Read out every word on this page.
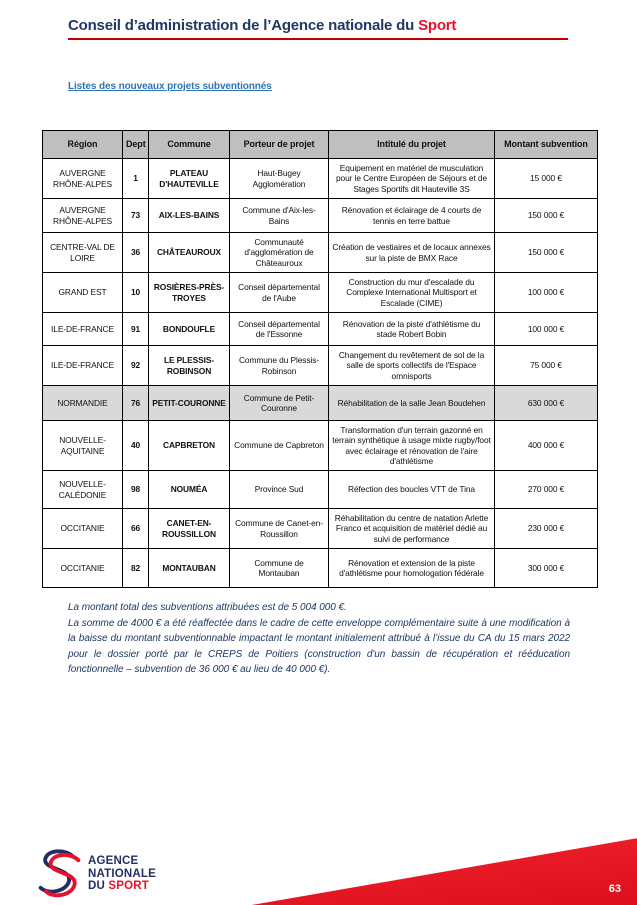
Conseil d’administration de l’Agence nationale du Sport
Listes des nouveaux projets subventionnés
Région	Dept	Commune	Porteur de projet	Intitulé du projet	Montant subvention
AUVERGNE RHÔNE-ALPES	1	PLATEAU D'HAUTEVILLE	Haut-Bugey Agglomération	Equipement en matériel de musculation pour le Centre Européen de Séjours et de Stages Sportifs dit Hauteville 3S	15 000 €
AUVERGNE RHÔNE-ALPES	73	AIX-LES-BAINS	Commune d'Aix-les-Bains	Rénovation et éclairage de 4 courts de tennis en terre battue	150 000 €
CENTRE-VAL DE LOIRE	36	CHÂTEAUROUX	Communauté d'agglomération de Châteauroux	Création de vestiaires et de locaux annexes sur la piste de BMX Race	150 000 €
GRAND EST	10	ROSIÈRES-PRÈS-TROYES	Conseil départemental de l'Aube	Construction du mur d'escalade du Complexe International Multisport et Escalade (CIME)	100 000 €
ILE-DE-FRANCE	91	BONDOUFLE	Conseil départemental de l'Essonne	Rénovation de la piste d'athlétisme du stade Robert Bobin	100 000 €
ILE-DE-FRANCE	92	LE PLESSIS-ROBINSON	Commune du Plessis-Robinson	Changement du revêtement de sol de la salle de sports collectifs de l'Espace omnisports	75 000 €
NORMANDIE	76	PETIT-COURONNE	Commune de Petit-Couronne	Réhabilitation de la salle Jean Boudehen	630 000 €
NOUVELLE-AQUITAINE	40	CAPBRETON	Commune de Capbreton	Transformation d'un terrain gazonné en terrain synthétique à usage mixte rugby/foot avec éclairage et rénovation de l'aire d'athlétisme	400 000 €
NOUVELLE-CALÉDONIE	98	NOUMÉA	Province Sud	Réfection des boucles VTT de Tina	270 000 €
OCCITANIE	66	CANET-EN-ROUSSILLON	Commune de Canet-en-Roussillon	Réhabilitation du centre de natation Arlette Franco et acquisition de matériel dédié au suivi de performance	230 000 €
OCCITANIE	82	MONTAUBAN	Commune de Montauban	Rénovation et extension de la piste d'athlétisme pour homologation fédérale	300 000 €

La montant total des subventions attribuées est de 5 004 000 €.

La somme de 4000 € a été réaffectée dans le cadre de cette enveloppe complémentaire suite à une modification à la baisse du montant subventionnable impactant le montant initialement attribué à l’issue du CA du 15 mars 2022 pour le dossier porté par le CREPS de Poitiers (construction d'un bassin de récupération et rééducation fonctionnelle – subvention de 36 000 € au lieu de 40 000 €).

AGENCE
NATIONALE
DU SPORT	63
